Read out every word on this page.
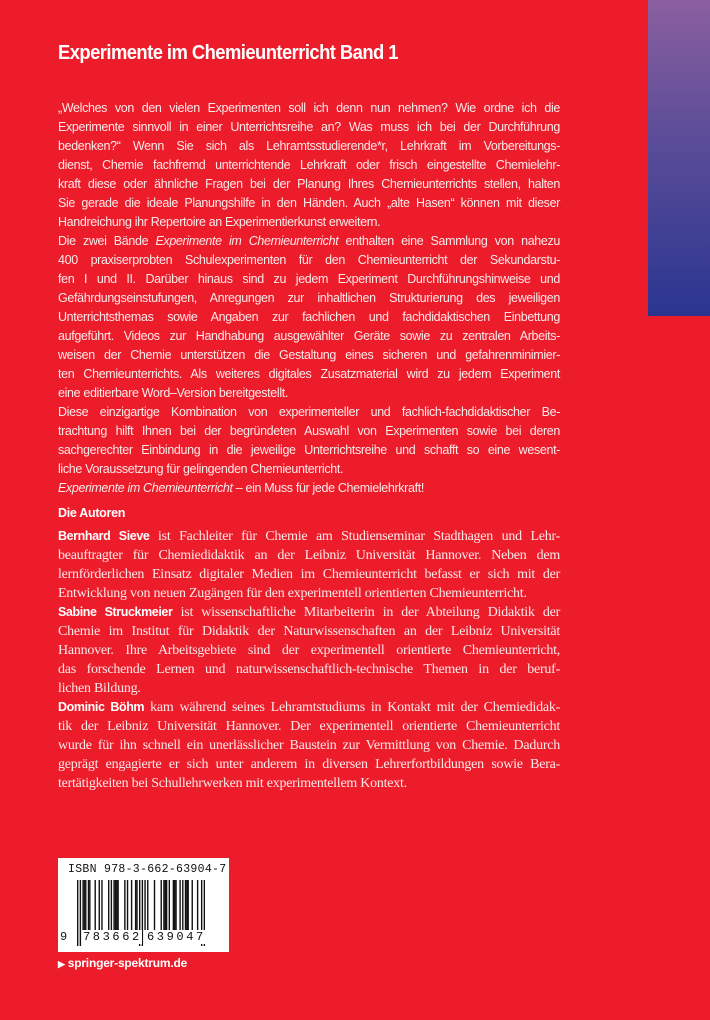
Experimente im Chemieunterricht Band 1
„Welches von den vielen Experimenten soll ich denn nun nehmen? Wie ordne ich die
Experimente sinnvoll in einer Unterrichtsreihe an? Was muss ich bei der Durchführung
bedenken?“ Wenn Sie sich als Lehramtsstudierende*r, Lehrkraft im Vorbereitungs-
dienst, Chemie fachfremd unterrichtende Lehrkraft oder frisch eingestellte Chemielehr-
kraft diese oder ähnliche Fragen bei der Planung Ihres Chemieunterrichts stellen, halten
Sie gerade die ideale Planungshilfe in den Händen. Auch „alte Hasen“ können mit dieser
Handreichung ihr Repertoire an Experimentierkunst erweitern.
Die zwei Bände Experimente im Chemieunterricht enthalten eine Sammlung von nahezu
400 praxiserprobten Schulexperimenten für den Chemieunterricht der Sekundarstu-
fen I und II. Darüber hinaus sind zu jedem Experiment Durchführungshinweise und
Gefährdungseinstufungen, Anregungen zur inhaltlichen Strukturierung des jeweiligen
Unterrichtsthemas sowie Angaben zur fachlichen und fachdidaktischen Einbettung
aufgeführt. Videos zur Handhabung ausgewählter Geräte sowie zu zentralen Arbeits-
weisen der Chemie unterstützen die Gestaltung eines sicheren und gefahrenminimier-
ten Chemieunterrichts. Als weiteres digitales Zusatzmaterial wird zu jedem Experiment
eine editierbare Word–Version bereitgestellt.
Diese einzigartige Kombination von experimenteller und fachlich-fachdidaktischer Be-
trachtung hilft Ihnen bei der begründeten Auswahl von Experimenten sowie bei deren
sachgerechter Einbindung in die jeweilige Unterrichtsreihe und schafft so eine wesent-
liche Voraussetzung für gelingenden Chemieunterricht.
Experimente im Chemieunterricht – ein Muss für jede Chemielehrkraft!
Die Autoren
Bernhard Sieve ist Fachleiter für Chemie am Studienseminar Stadthagen und Lehr-
beauftragter für Chemiedidaktik an der Leibniz Universität Hannover. Neben dem
lernförderlichen Einsatz digitaler Medien im Chemieunterricht befasst er sich mit der
Entwicklung von neuen Zugängen für den experimentell orientierten Chemieunterricht.
Sabine Struckmeier ist wissenschaftliche Mitarbeiterin in der Abteilung Didaktik der
Chemie im Institut für Didaktik der Naturwissenschaften an der Leibniz Universität
Hannover. Ihre Arbeitsgebiete sind der experimentell orientierte Chemieunterricht,
das forschende Lernen und naturwissenschaftlich-technische Themen in der beruf-
lichen Bildung.
Dominic Böhm kam während seines Lehramtstudiums in Kontakt mit der Chemiedidak-
tik der Leibniz Universität Hannover. Der experimentell orientierte Chemieunterricht
wurde für ihn schnell ein unerlässlicher Baustein zur Vermittlung von Chemie. Dadurch
geprägt engagierte er sich unter anderem in diversen Lehrerfortbildungen sowie Bera-
tertätigkeiten bei Schullehrwerken mit experimentellem Kontext.
ISBN 978-3-662-63904-7
9 783662 639047
▶ springer-spektrum.de
